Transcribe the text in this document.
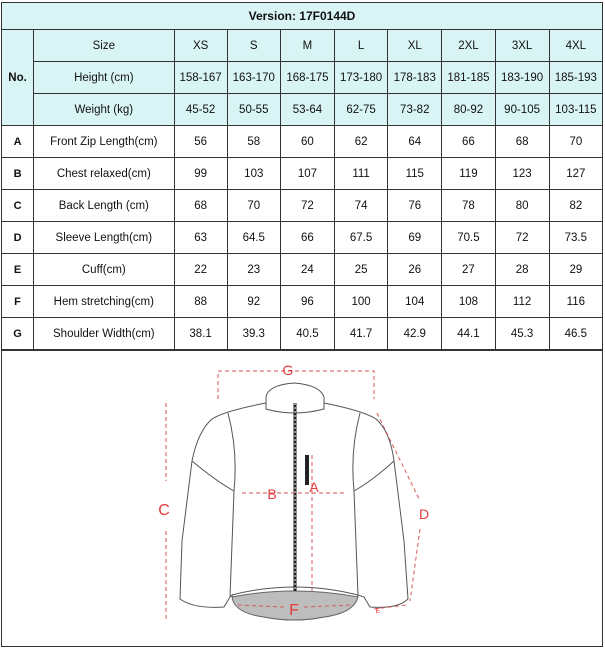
Version: 17F0144D									
No.	Size	XS	S	M	L	XL	2XL	3XL	4XL
	Height (cm)	158-167	163-170	168-175	173-180	178-183	181-185	183-190	185-193
	Weight (kg)	45-52	50-55	53-64	62-75	73-82	80-92	90-105	103-115
A	Front Zip Length(cm)	56	58	60	62	64	66	68	70
B	Chest relaxed(cm)	99	103	107	111	115	119	123	127
C	Back Length (cm)	68	70	72	74	76	78	80	82
D	Sleeve Length(cm)	63	64.5	66	67.5	69	70.5	72	73.5
E	Cuff(cm)	22	23	24	25	26	27	28	29
F	Hem stretching(cm)	88	92	96	100	104	108	112	116
G	Shoulder Width(cm)	38.1	39.3	40.5	41.7	42.9	44.1	45.3	46.5
G
B A
C	D
E
F
